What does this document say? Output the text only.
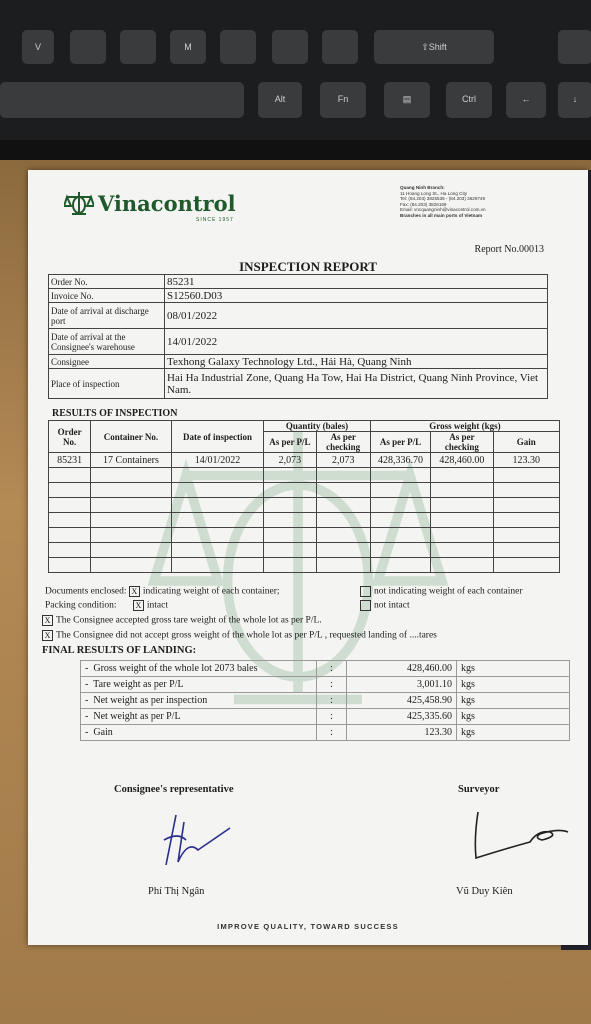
V	M	⇧Shift
Alt	Fn	▤	Ctrl	←	↓
Vinacontrol
SINCE 1957
Quang Ninh Branch:
11 Hoang Long St., Ha Long City
Tel: (84.203) 3825535 - (84.203) 3629749
Fax: (84.203) 3826169
Email: vncquangninh@vinacontrol.com.vn
Branches in all main ports of Vietnam
Report No.00013
INSPECTION REPORT
Order No.	85231
Invoice No.	S12560.D03
Date of arrival at discharge port	08/01/2022
Date of arrival at the Consignee's warehouse	14/01/2022
Consignee	Texhong Galaxy Technology Ltd., Hải Hà, Quang Ninh
Place of inspection	Hai Ha Industrial Zone, Quang Ha Tow, Hai Ha District, Quang Ninh Province, Viet Nam.
RESULTS OF INSPECTION
Order No.	Container No.	Date of inspection	Quantity (bales)		Gross weight (kgs)		
			As per P/L	As per checking	As per P/L	As per checking	Gain
85231	17 Containers	14/01/2022	2,073	2,073	428,336.70	428,460.00	123.30

Documents enclosed: X indicating weight of each container;	not indicating weight of each container
Packing condition: X intact	not intact
X The Consignee accepted gross tare weight of the whole lot as per P/L.
X The Consignee did not accept gross weight of the whole lot as per P/L , requested landing of ....tares
FINAL RESULTS OF LANDING:
- Gross weight of the whole lot 2073 bales	:	428,460.00	kgs
- Tare weight as per P/L	:	3,001.10	kgs
- Net weight as per inspection	:	425,458.90	kgs
- Net weight as per P/L	:	425,335.60	kgs
- Gain	:	123.30	kgs
Consignee's representative	Surveyor
Phí Thị Ngân	Vũ Duy Kiên
IMPROVE QUALITY, TOWARD SUCCESS
